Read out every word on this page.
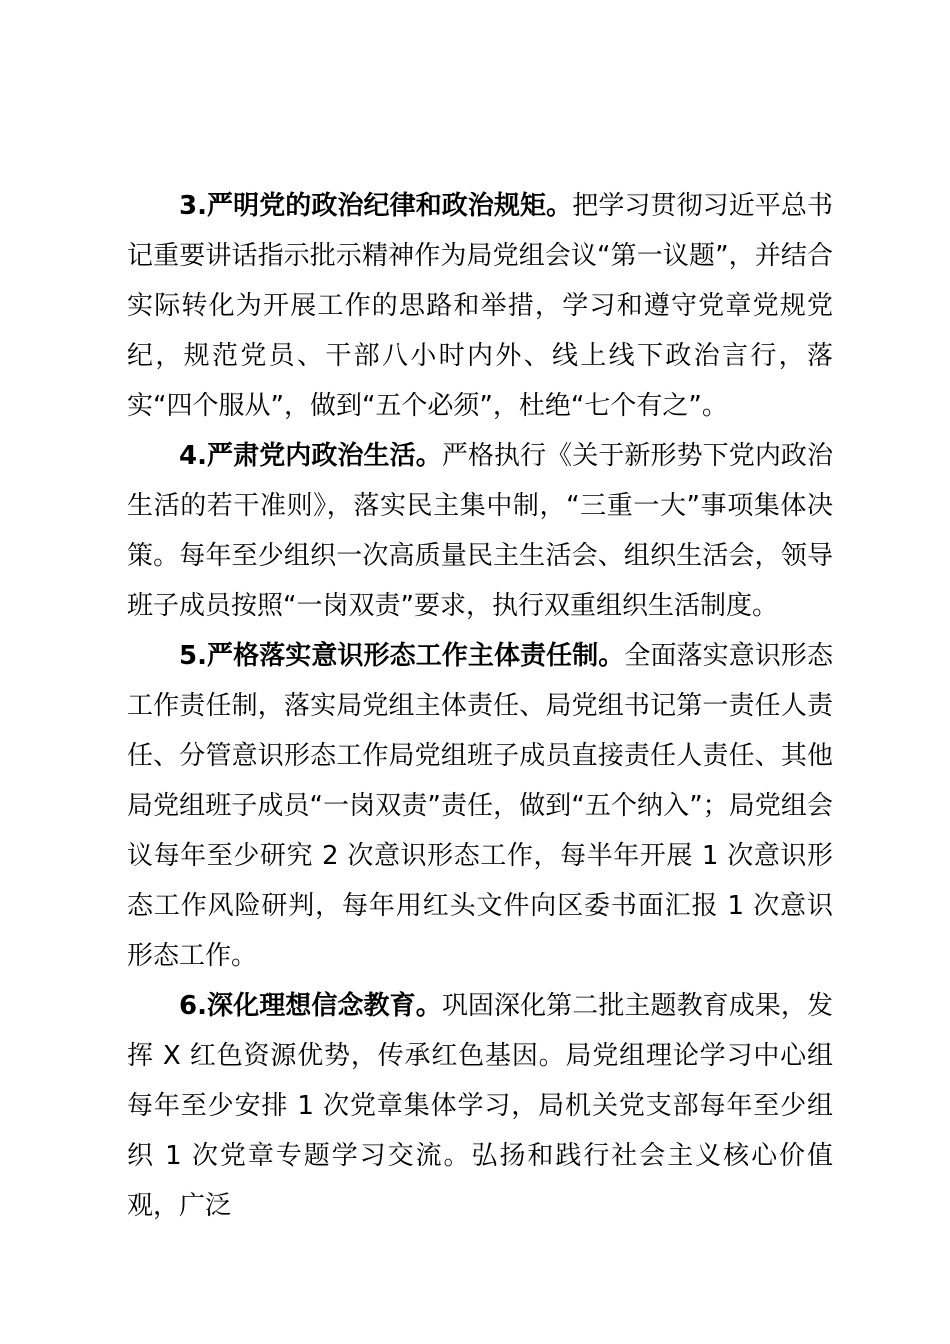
3.严明党的政治纪律和政治规矩。把学习贯彻习近平总书记重要讲话指示批示精神作为局党组会议“第一议题”，并结合实际转化为开展工作的思路和举措，学习和遵守党章党规党纪，规范党员、干部八小时内外、线上线下政治言行，落实“四个服从”，做到“五个必须”，杜绝“七个有之”。

4.严肃党内政治生活。严格执行《关于新形势下党内政治生活的若干准则》，落实民主集中制，“三重一大”事项集体决策。每年至少组织一次高质量民主生活会、组织生活会，领导班子成员按照“一岗双责”要求，执行双重组织生活制度。

5.严格落实意识形态工作主体责任制。全面落实意识形态工作责任制，落实局党组主体责任、局党组书记第一责任人责任、分管意识形态工作局党组班子成员直接责任人责任、其他局党组班子成员“一岗双责”责任，做到“五个纳入”；局党组会议每年至少研究 2 次意识形态工作，每半年开展 1 次意识形态工作风险研判，每年用红头文件向区委书面汇报 1 次意识形态工作。

6.深化理想信念教育。巩固深化第二批主题教育成果，发挥 X 红色资源优势，传承红色基因。局党组理论学习中心组每年至少安排 1 次党章集体学习，局机关党支部每年至少组织 1 次党章专题学习交流。弘扬和践行社会主义核心价值观，广泛
